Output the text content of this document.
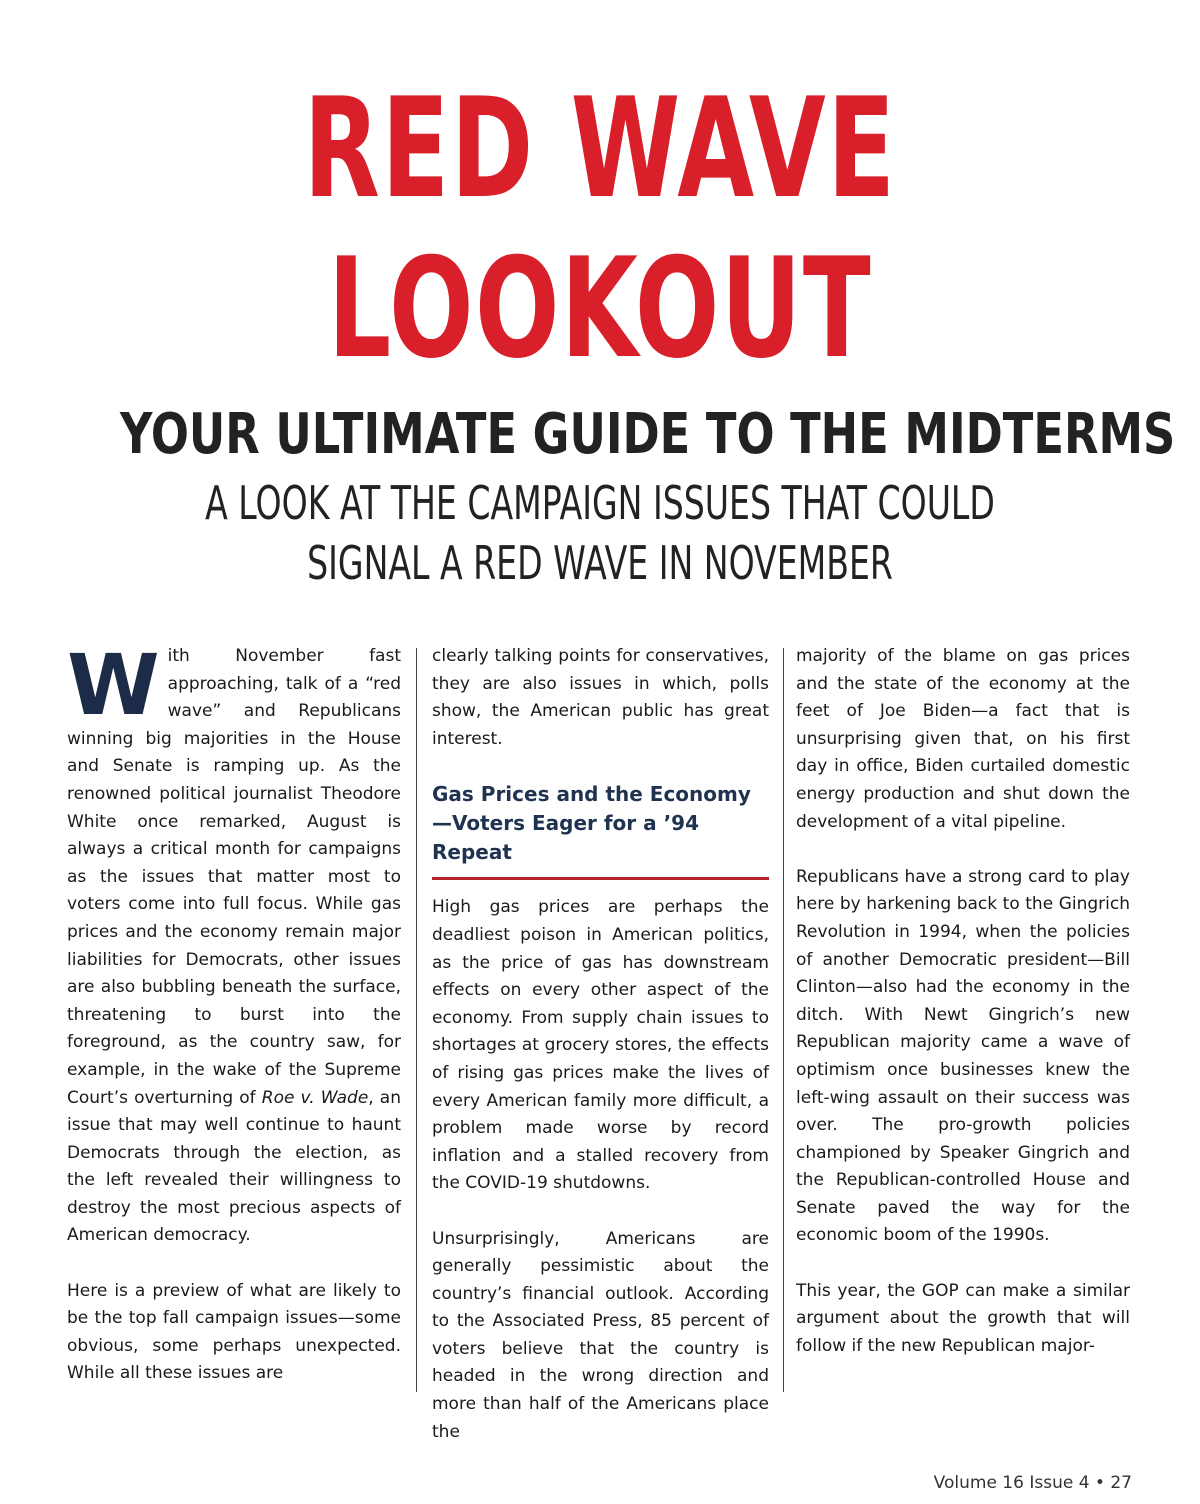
RED WAVE
LOOKOUT
YOUR ULTIMATE GUIDE TO THE MIDTERMS
A LOOK AT THE CAMPAIGN ISSUES THAT COULD
SIGNAL A RED WAVE IN NOVEMBER

With November fast approaching, talk of a “red wave” and Republicans winning big majorities in the House and Senate is ramping up. As the renowned political journalist Theodore White once remarked, August is always a critical month for campaigns as the issues that matter most to voters come into full focus. While gas prices and the economy remain major liabilities for Democrats, other issues are also bubbling beneath the surface, threatening to burst into the foreground, as the country saw, for example, in the wake of the Supreme Court’s overturning of Roe v. Wade, an issue that may well continue to haunt Democrats through the election, as the left revealed their willingness to destroy the most precious aspects of American democracy.

Here is a preview of what are likely to be the top fall campaign issues—some obvious, some perhaps unexpected. While all these issues are

clearly talking points for conservatives, they are also issues in which, polls show, the American public has great interest.

Gas Prices and the Economy—Voters Eager for a ’94 Repeat

High gas prices are perhaps the deadliest poison in American politics, as the price of gas has downstream effects on every other aspect of the economy. From supply chain issues to shortages at grocery stores, the effects of rising gas prices make the lives of every American family more difficult, a problem made worse by record inflation and a stalled recovery from the COVID-19 shutdowns.

Unsurprisingly, Americans are generally pessimistic about the country’s financial outlook. According to the Associated Press, 85 percent of voters believe that the country is headed in the wrong direction and more than half of the Americans place the

majority of the blame on gas prices and the state of the economy at the feet of Joe Biden—a fact that is unsurprising given that, on his first day in office, Biden curtailed domestic energy production and shut down the development of a vital pipeline.

Republicans have a strong card to play here by harkening back to the Gingrich Revolution in 1994, when the policies of another Democratic president—Bill Clinton—also had the economy in the ditch. With Newt Gingrich’s new Republican majority came a wave of optimism once businesses knew the left-wing assault on their success was over. The pro-growth policies championed by Speaker Gingrich and the Republican-controlled House and Senate paved the way for the economic boom of the 1990s.

This year, the GOP can make a similar argument about the growth that will follow if the new Republican major-

Volume 16 Issue 4 • 27
